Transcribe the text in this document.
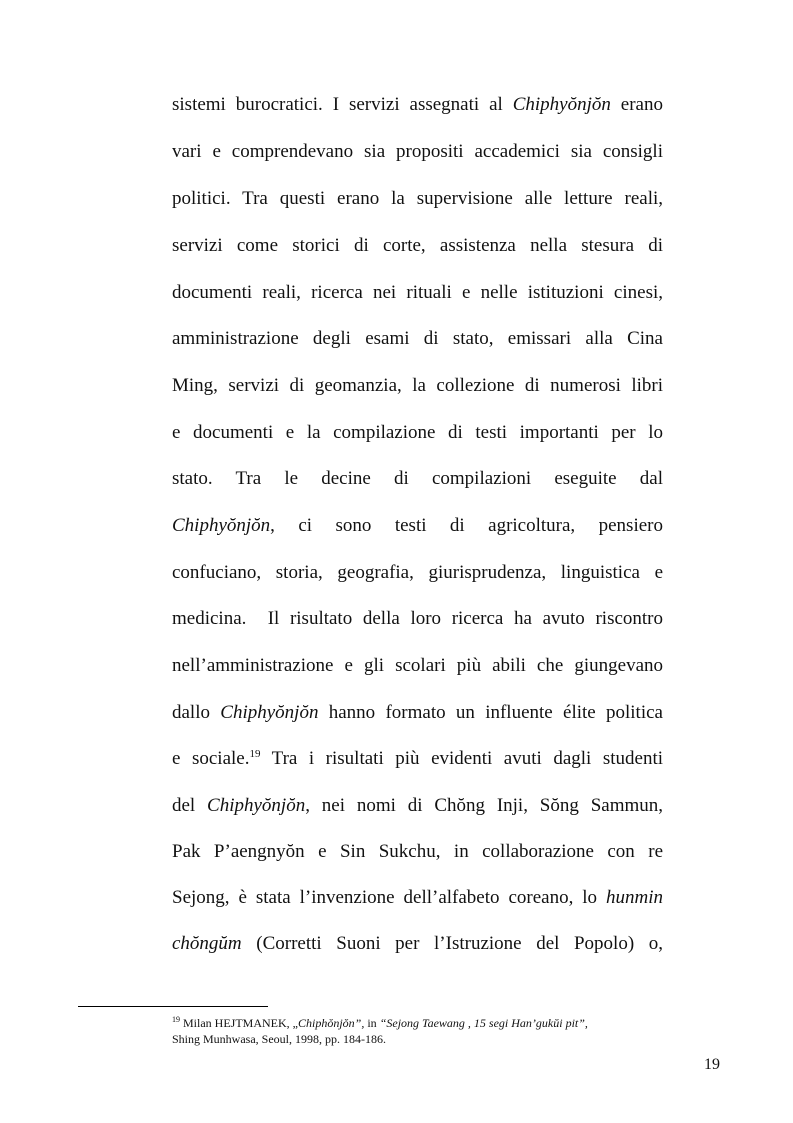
sistemi burocratici. I servizi assegnati al Chiphyŏnjŏn erano
vari e comprendevano sia propositi accademici sia consigli
politici. Tra questi erano la supervisione alle letture reali,
servizi come storici di corte, assistenza nella stesura di
documenti reali, ricerca nei rituali e nelle istituzioni cinesi,
amministrazione degli esami di stato, emissari alla Cina
Ming, servizi di geomanzia, la collezione di numerosi libri
e documenti e la compilazione di testi importanti per lo
stato. Tra le decine di compilazioni eseguite dal
Chiphyŏnjŏn, ci sono testi di agricoltura, pensiero
confuciano, storia, geografia, giurisprudenza, linguistica e
medicina.  Il risultato della loro ricerca ha avuto riscontro
nell’amministrazione e gli scolari più abili che giungevano
dallo Chiphyŏnjŏn hanno formato un influente élite politica
e sociale.$^{19}$ Tra i risultati più evidenti avuti dagli studenti
del Chiphyŏnjŏn, nei nomi di Chŏng Inji, Sŏng Sammun,
Pak P’aengnyŏn e Sin Sukchu, in collaborazione con re
Sejong, è stata l’invenzione dell’alfabeto coreano, lo hunmin
chŏngŭm (Corretti Suoni per l’Istruzione del Popolo) o,
$^{19}$ Milan HEJTMANEK, „Chiphŏnjŏn”, in “Sejong Taewang , 15 segi Han’gukŭi pit”,
Shing Munhwasa, Seoul, 1998, pp. 184-186.
19
